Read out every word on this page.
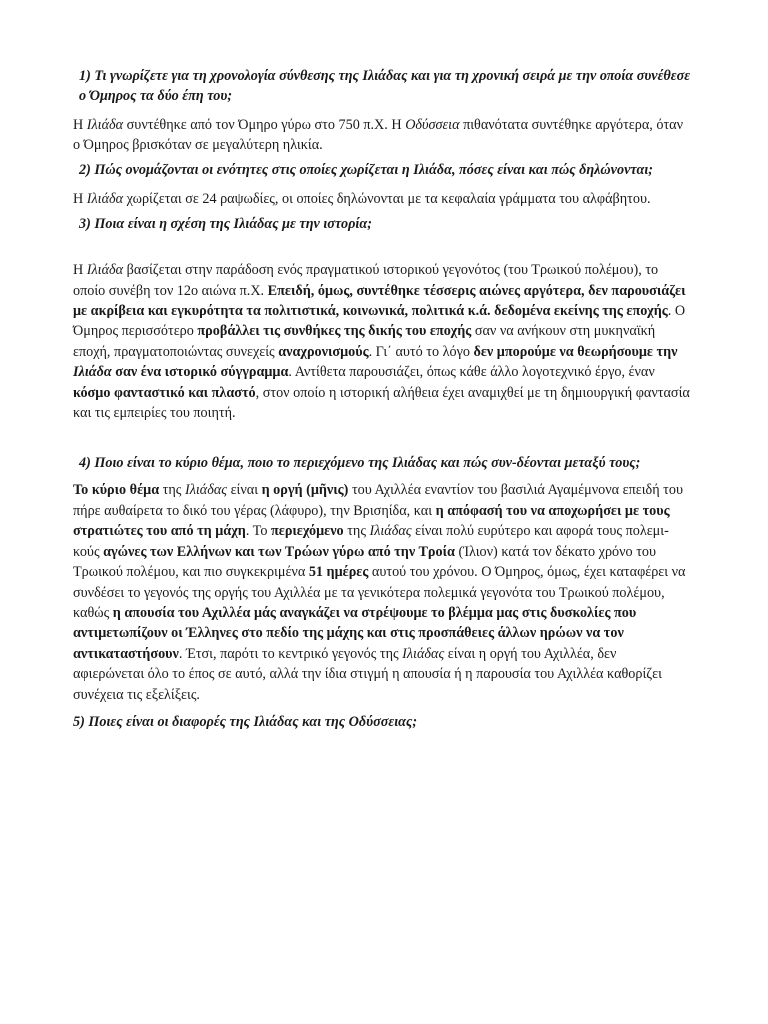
1) Τι γνωρίζετε για τη χρονολογία σύνθεσης της Ιλιάδας και για τη χρονική σειρά με την οποία συνέθεσε ο Όμηρος τα δύο έπη του;

Η Ιλιάδα συντέθηκε από τον Όμηρο γύρω στο 750 π.Χ. Η Οδύσσεια πιθανότατα συντέθηκε αργότερα, όταν ο Όμηρος βρισκόταν σε μεγαλύτερη ηλικία.

2) Πώς ονομάζονται οι ενότητες στις οποίες χωρίζεται η Ιλιάδα, πόσες είναι και πώς δηλώνονται;

Η Ιλιάδα χωρίζεται σε 24 ραψωδίες, οι οποίες δηλώνονται με τα κεφαλαία γράμματα του αλφάβητου.

3) Ποια είναι η σχέση της Ιλιάδας με την ιστορία;

Η Ιλιάδα βασίζεται στην παράδοση ενός πραγματικού ιστορικού γεγονότος (του Τρωικού πολέμου), το οποίο συνέβη τον 12ο αιώνα π.Χ. Επειδή, όμως, συντέθηκε τέσσερις αιώνες αργότερα, δεν παρουσιάζει με ακρίβεια και εγκυρότητα τα πολιτιστικά, κοινωνικά, πολιτικά κ.ά. δεδομένα εκείνης της εποχής. Ο Όμηρος περισσότερο προβάλλει τις συνθήκες της δικής του εποχής σαν να ανήκουν στη μυκηναϊκή εποχή, πραγματοποιώντας συνεχείς αναχρονισμούς. Γι΄ αυτό το λόγο δεν μπορούμε να θεωρήσουμε την Ιλιάδα σαν ένα ιστορικό σύγγραμμα. Αντίθετα παρουσιάζει, όπως κάθε άλλο λογοτεχνικό έργο, έναν κόσμο φανταστικό και πλαστό, στον οποίο η ιστορική αλήθεια έχει αναμιχθεί με τη δημιουργική φαντασία και τις εμπειρίες του ποιητή.

4) Ποιο είναι το κύριο θέμα, ποιο το περιεχόμενο της Ιλιάδας και πώς συν-δέονται μεταξύ τους;

Το κύριο θέμα της Ιλιάδας είναι η οργή (μῆνις) του Αχιλλέα εναντίον του βασιλιά Αγαμέμνονα επειδή του πήρε αυθαίρετα το δικό του γέρας (λάφυρο), την Βρισηίδα, και η απόφασή του να αποχωρήσει με τους στρατιώτες του από τη μάχη. Το περιεχόμενο της Ιλιάδας είναι πολύ ευρύτερο και αφορά τους πολεμι-κούς αγώνες των Ελλήνων και των Τρώων γύρω από την Τροία (Ίλιον) κατά τον δέκατο χρόνο του Τρωικού πολέμου, και πιο συγκεκριμένα 51 ημέρες αυτού του χρόνου. Ο Όμηρος, όμως, έχει καταφέρει να συνδέσει το γεγονός της οργής του Αχιλλέα με τα γενικότερα πολεμικά γεγονότα του Τρωικού πολέμου, καθώς η απουσία του Αχιλλέα μάς αναγκάζει να στρέψουμε το βλέμμα μας στις δυσκολίες που αντιμετωπίζουν οι Έλληνες στο πεδίο της μάχης και στις προσπάθειες άλλων ηρώων να τον αντικαταστήσουν. Έτσι, παρότι το κεντρικό γεγονός της Ιλιάδας είναι η οργή του Αχιλλέα, δεν αφιερώνεται όλο το έπος σε αυτό, αλλά την ίδια στιγμή η απουσία ή η παρουσία του Αχιλλέα καθορίζει συνέχεια τις εξελίξεις.

5) Ποιες είναι οι διαφορές της Ιλιάδας και της Οδύσσειας;
